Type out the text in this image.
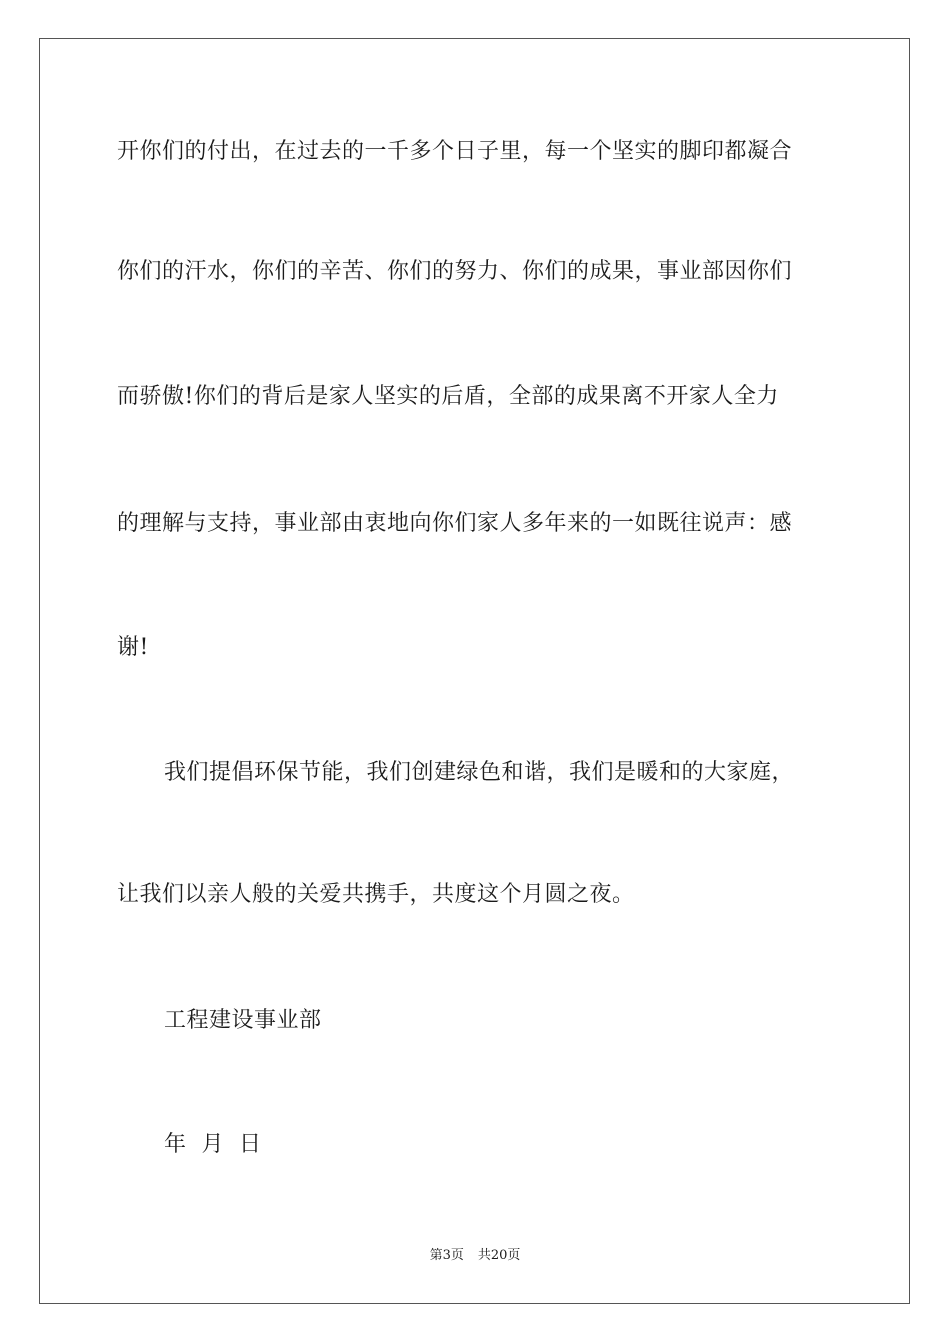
开你们的付出，在过去的一千多个日子里，每一个坚实的脚印都凝合
你们的汗水，你们的辛苦、你们的努力、你们的成果，事业部因你们
而骄傲!你们的背后是家人坚实的后盾，全部的成果离不开家人全力
的理解与支持，事业部由衷地向你们家人多年来的一如既往说声：感
谢!
我们提倡环保节能，我们创建绿色和谐，我们是暖和的大家庭，
让我们以亲人般的关爱共携手，共度这个月圆之夜。
工程建设事业部
年  月  日
第3页 共20页
